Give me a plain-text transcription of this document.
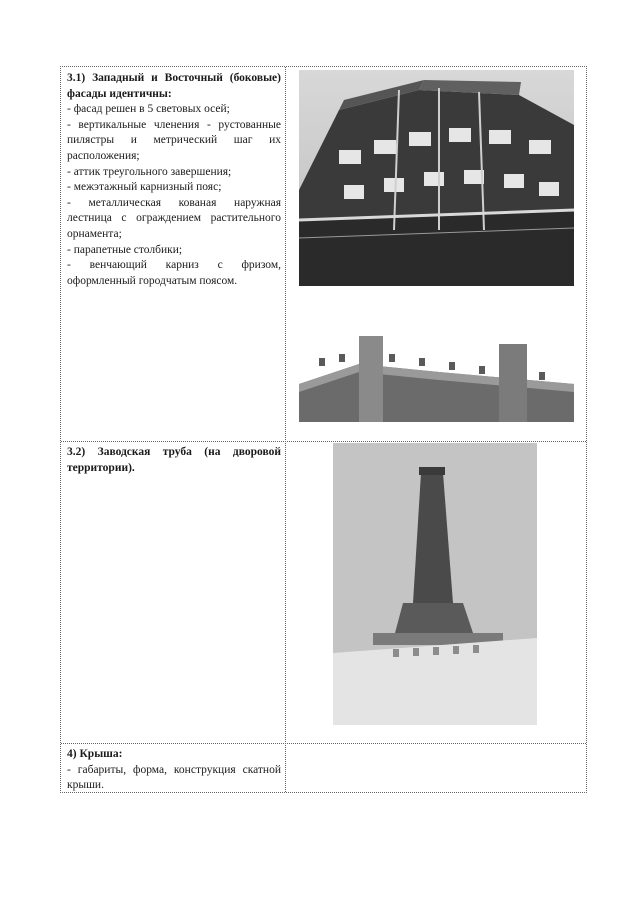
3.1) Западный и Восточный (боковые) фасады идентичны:
- фасад решен в 5 световых осей;
- вертикальные членения - рустованные пилястры и метрический шаг их расположения;
- аттик треугольного завершения;
- межэтажный карнизный пояс;
- металлическая кованая наружная лестница с ограждением растительного орнамента;
- парапетные столбики;
- венчающий карниз с фризом, оформленный городчатым поясом.
3.2) Заводская труба (на дворовой территории).
4) Крыша:
- габариты, форма, конструкция скатной крыши.
